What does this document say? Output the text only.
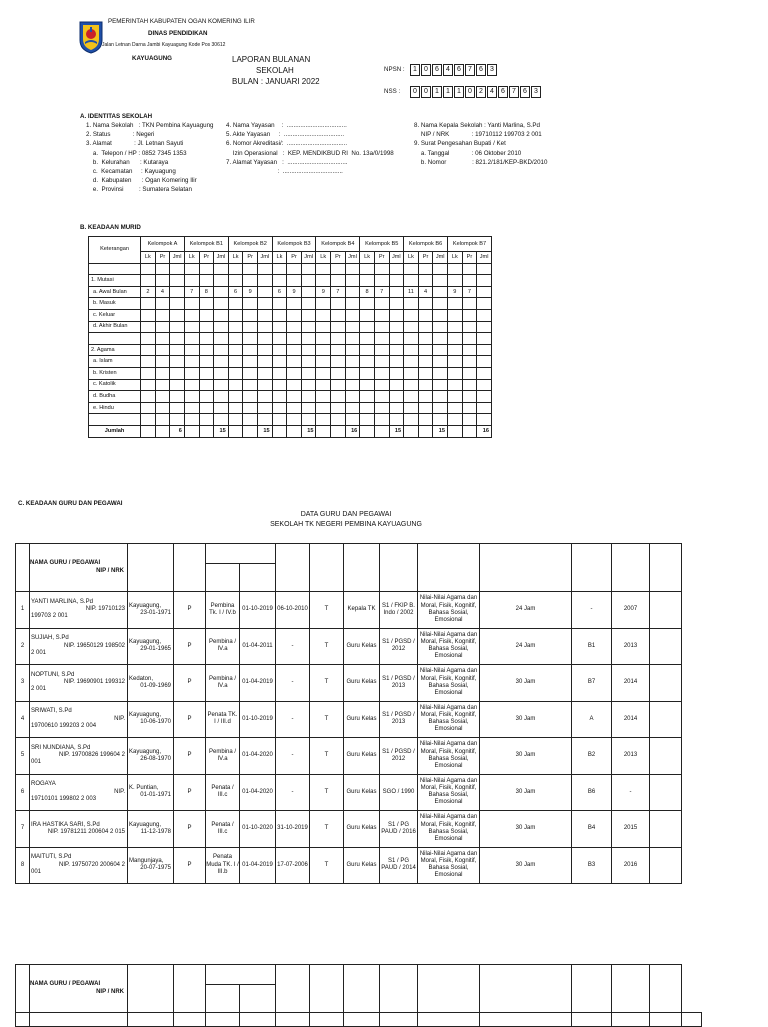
PEMERINTAH KABUPATEN OGAN KOMERING ILIR
DINAS PENDIDIKAN
Jalan Letnan Darna Jambi Kayuagung Kode Pos 30612
KAYUAGUNG	LAPORAN BULANAN
SEKOLAH
BULAN : JANUARI 2022
NPSN :	1	0	6	4	6	7	6	3
NSS :	0	0	1	1	1	0	2	4	6	7	6	3
A. IDENTITAS SEKOLAH
1. Nama Sekolah   : TKN Pembina Kayuagung
2. Status             : Negeri
3. Alamat             : Jl. Letnan Sayuti
a.  Telepon / HP : 0852 7345 1353
b.  Kelurahan      : Kutaraya
c.  Kecamatan     : Kayuagung
d.  Kabupaten      : Ogan Komering Ilir
e.  Provinsi         : Sumatera Selatan
4. Nama Yayasan    :  ...................................
5. Akte Yayasan     :  ...................................
6. Nomor Akreditasi/:  ...................................
Izin Operasional   :  KEP. MENDIKBUD RI  No. 13a/0/1998
7. Alamat Yayasan   :  ...................................
:  ...................................
8. Nama Kepala Sekolah : Yanti Marlina, S.Pd
NIP / NRK             : 19710112 199703 2 001
9. Surat Pengesahan Bupati / Ket
a. Tanggal             : 06 Oktober 2010
b. Nomor               : 821.2/181/KEP-BKD/2010
B. KEADAAN MURID
Keterangan	Kelompok A			Kelompok B1			Kelompok B2			Kelompok B3			Kelompok B4			Kelompok B5			Kelompok B6			Kelompok B7		
	Lk	Pr	Jml	Lk	Pr	Jml	Lk	Pr	Jml	Lk	Pr	Jml	Lk	Pr	Jml	Lk	Pr	Jml	Lk	Pr	Jml	Lk	Pr	Jml

1. Mutasi																								
a. Awal Bulan	2	4		7	8		6	9		6	9		9	7		8	7		11	4		9	7	
b. Masuk																								
c. Keluar																								
d. Akhir Bulan																								

2. Agama																								
a. Islam																								
b. Kristen																								
c. Katolik																								
d. Budha																								
e. Hindu																								

Jumlah			6			15			15			15			16			15			15			16
C. KEADAAN GURU DAN PEGAWAI
DATA GURU DAN PEGAWAI
SEKOLAH TK NEGERI PEMBINA KAYUAGUNG

	NAMA GURU / PEGAWAI
NIP / NRK													

1	YANTI MARLINA, S.Pd
NIP. 19710123
199703 2 001	Kayuagung,
23-01-1971	P	Pembina Tk. I / IV.b	01-10-2019	06-10-2010	T	Kepala TK	S1 / FKIP B. Indo / 2002	Nilai-Nilai Agama dan Moral, Fisik, Kognitif, Bahasa Sosial, Emosional	24 Jam	-	2007	
2	SUJIAH, S.Pd
NIP. 19650129 198502
2 001	Kayuagung,
29-01-1965	P	Pembina / IV.a	01-04-2011	-	T	Guru Kelas	S1 / PGSD / 2012	Nilai-Nilai Agama dan Moral, Fisik, Kognitif, Bahasa Sosial, Emosional	24 Jam	B1	2013	
3	NOPTUNI, S.Pd
NIP. 19690901 199312
2 001	Kedaton,
01-09-1969	P	Pembina / IV.a	01-04-2019	-	T	Guru Kelas	S1 / PGSD / 2013	Nilai-Nilai Agama dan Moral, Fisik, Kognitif, Bahasa Sosial, Emosional	30 Jam	B7	2014	
4	SRIWATI, S.Pd
NIP.
19700610 199203 2 004	Kayuagung,
10-06-1970	P	Penata TK. I / III.d	01-10-2019	-	T	Guru Kelas	S1 / PGSD / 2013	Nilai-Nilai Agama dan Moral, Fisik, Kognitif, Bahasa Sosial, Emosional	30 Jam	A	2014	
5	SRI NUNDIANA, S.Pd
NIP. 19700826 199604 2
001	Kayuagung,
26-08-1970	P	Pembina / IV.a	01-04-2020	-	T	Guru Kelas	S1 / PGSD / 2012	Nilai-Nilai Agama dan Moral, Fisik, Kognitif, Bahasa Sosial, Emosional	30 Jam	B2	2013	
6	ROGAYA
NIP.
19710101 199802 2 003	K. Puntian,
01-01-1971	P	Penata / III.c	01-04-2020	-	T	Guru Kelas	SGO / 1990	Nilai-Nilai Agama dan Moral, Fisik, Kognitif, Bahasa Sosial, Emosional	30 Jam	B6	-	
7	IRA HASTIKA SARI, S.Pd
NIP. 19781211 200604 2 015	Kayuagung,
11-12-1978	P	Penata / III.c	01-10-2020	31-10-2019	T	Guru Kelas	S1 / PG PAUD / 2016	Nilai-Nilai Agama dan Moral, Fisik, Kognitif, Bahasa Sosial, Emosional	30 Jam	B4	2015	
8	MAITUTI, S.Pd
NIP. 19750720 200604 2
001	Mangunjaya,
20-07-1975	P	Penata Muda TK. I / III.b	01-04-2019	17-07-2006	T	Guru Kelas	S1 / PG PAUD / 2014	Nilai-Nilai Agama dan Moral, Fisik, Kognitif, Bahasa Sosial, Emosional	30 Jam	B3	2016	

	NAMA GURU / PEGAWAI
NIP / NRK														
